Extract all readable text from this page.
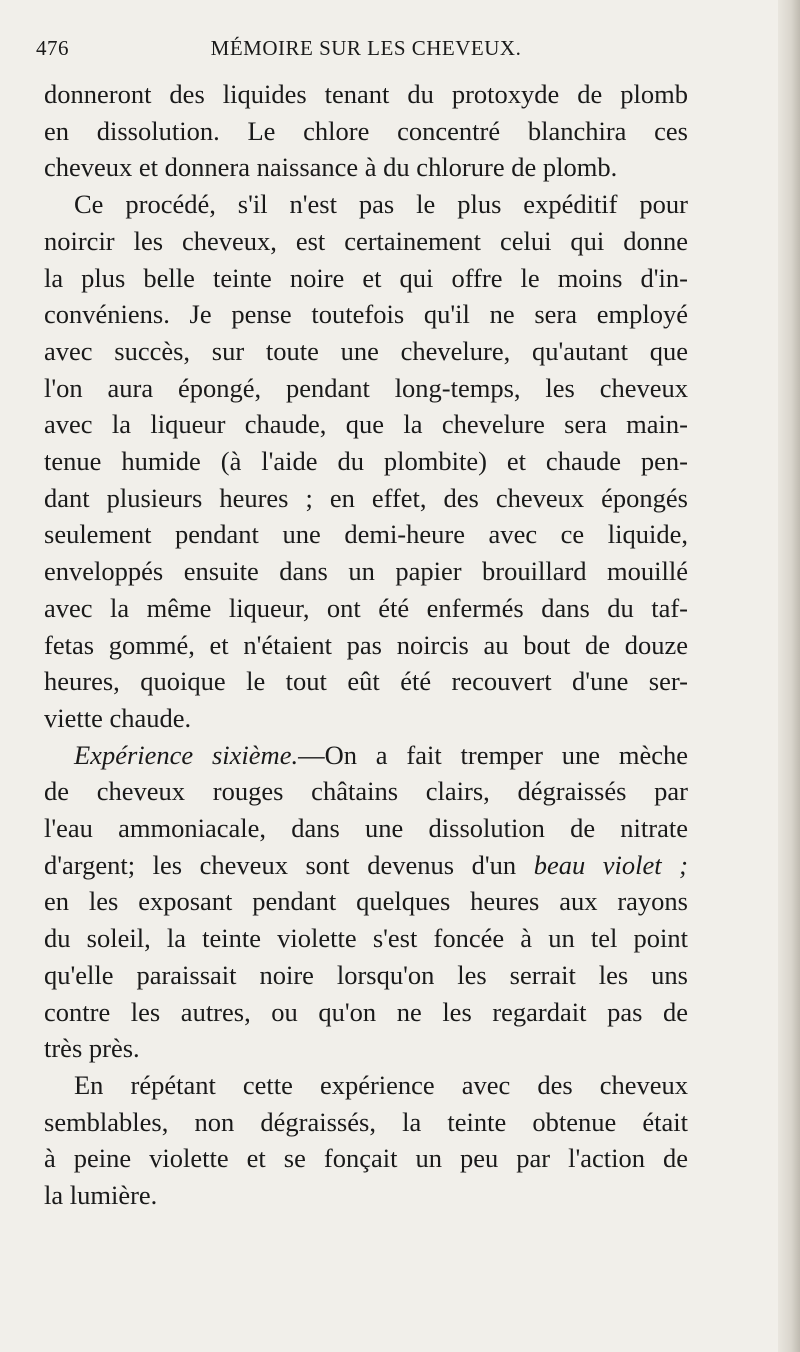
476	MÉMOIRE SUR LES CHEVEUX.

donneront des liquides tenant du protoxyde de plomb
en dissolution. Le chlore concentré blanchira ces
cheveux et donnera naissance à du chlorure de plomb.

Ce procédé, s'il n'est pas le plus expéditif pour
noircir les cheveux, est certainement celui qui donne
la plus belle teinte noire et qui offre le moins d'in-
convéniens. Je pense toutefois qu'il ne sera employé
avec succès, sur toute une chevelure, qu'autant que
l'on aura épongé, pendant long-temps, les cheveux
avec la liqueur chaude, que la chevelure sera main-
tenue humide (à l'aide du plombite) et chaude pen-
dant plusieurs heures ; en effet, des cheveux épongés
seulement pendant une demi-heure avec ce liquide,
enveloppés ensuite dans un papier brouillard mouillé
avec la même liqueur, ont été enfermés dans du taf-
fetas gommé, et n'étaient pas noircis au bout de douze
heures, quoique le tout eût été recouvert d'une ser-
viette chaude.

Expérience sixième.—On a fait tremper une mèche
de cheveux rouges châtains clairs, dégraissés par
l'eau ammoniacale, dans une dissolution de nitrate
d'argent; les cheveux sont devenus d'un beau violet ;
en les exposant pendant quelques heures aux rayons
du soleil, la teinte violette s'est foncée à un tel point
qu'elle paraissait noire lorsqu'on les serrait les uns
contre les autres, ou qu'on ne les regardait pas de
très près.

En répétant cette expérience avec des cheveux
semblables, non dégraissés, la teinte obtenue était
à peine violette et se fonçait un peu par l'action de
la lumière.
